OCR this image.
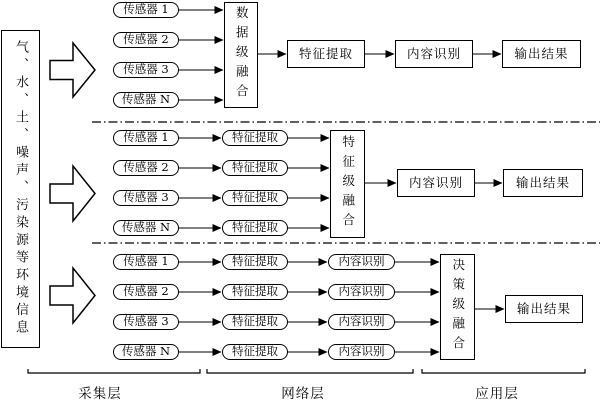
气、水、土、噪声、污染源等环境信息
传感器 1
传感器 2
传感器 3
传感器 N	数据级融合	特征提取	内容识别	输出结果
传感器 1
传感器 2
传感器 3
传感器 N
特征提取
特征提取
特征提取
特征提取	特征级融合	内容识别	输出结果
传感器 1
传感器 2
传感器 3
传感器 N
特征提取
特征提取
特征提取
特征提取
内容识别
内容识别
内容识别
内容识别	决策级融合	输出结果
采集层	网络层	应用层
